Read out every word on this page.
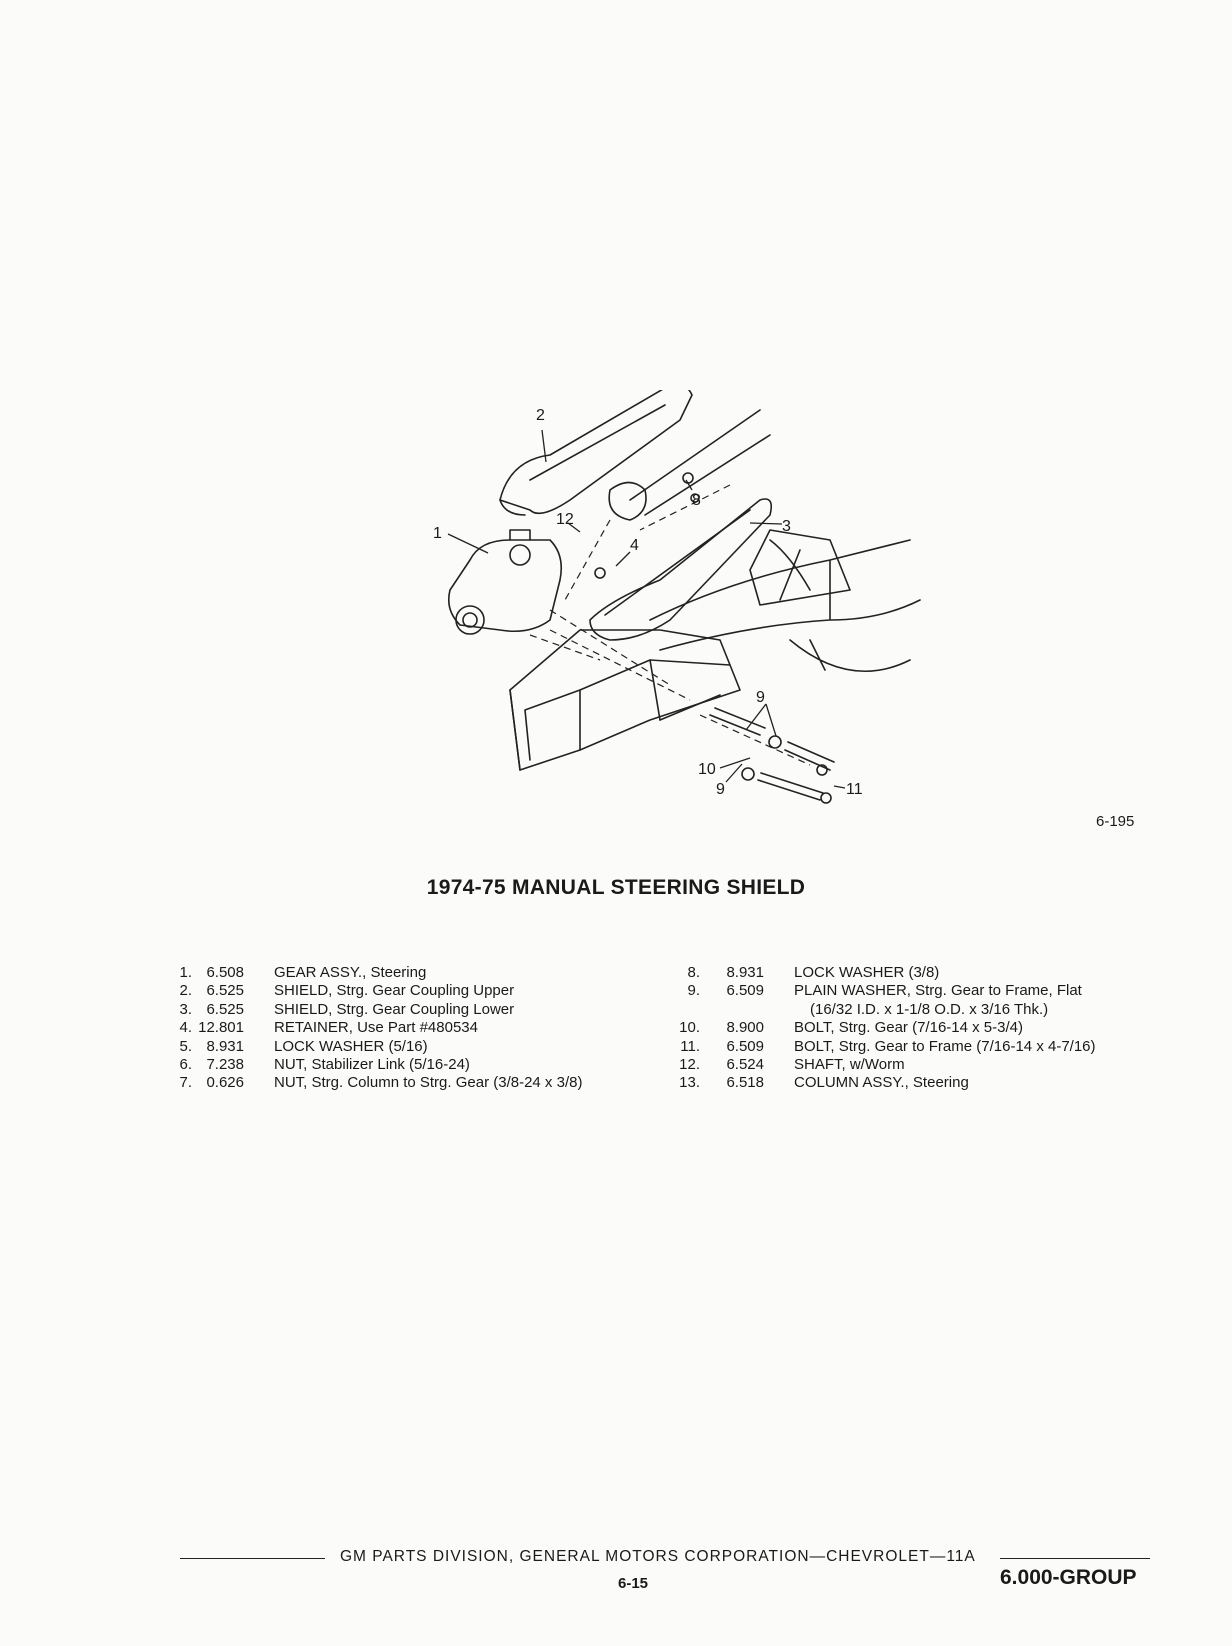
1
2
3
4
8
9
9
10
11
12
6-195
1974-75 MANUAL STEERING SHIELD
1. 6.508 GEAR ASSY., Steering
2. 6.525 SHIELD, Strg. Gear Coupling Upper
3. 6.525 SHIELD, Strg. Gear Coupling Lower
4. 12.801 RETAINER, Use Part #480534
5. 8.931 LOCK WASHER (5/16)
6. 7.238 NUT, Stabilizer Link (5/16-24)
7. 0.626 NUT, Strg. Column to Strg. Gear (3/8-24 x 3/8)
8.	8.931 LOCK WASHER (3/8)
9.	6.509 PLAIN WASHER, Strg. Gear to Frame, Flat
(16/32 I.D. x 1-1/8 O.D. x 3/16 Thk.)
10.	8.900 BOLT, Strg. Gear (7/16-14 x 5-3/4)
11.	6.509 BOLT, Strg. Gear to Frame (7/16-14 x 4-7/16)
12.	6.524 SHAFT, w/Worm
13.	6.518 COLUMN ASSY., Steering
GM PARTS DIVISION, GENERAL MOTORS CORPORATION—CHEVROLET—11A
6-15	6.000-GROUP
